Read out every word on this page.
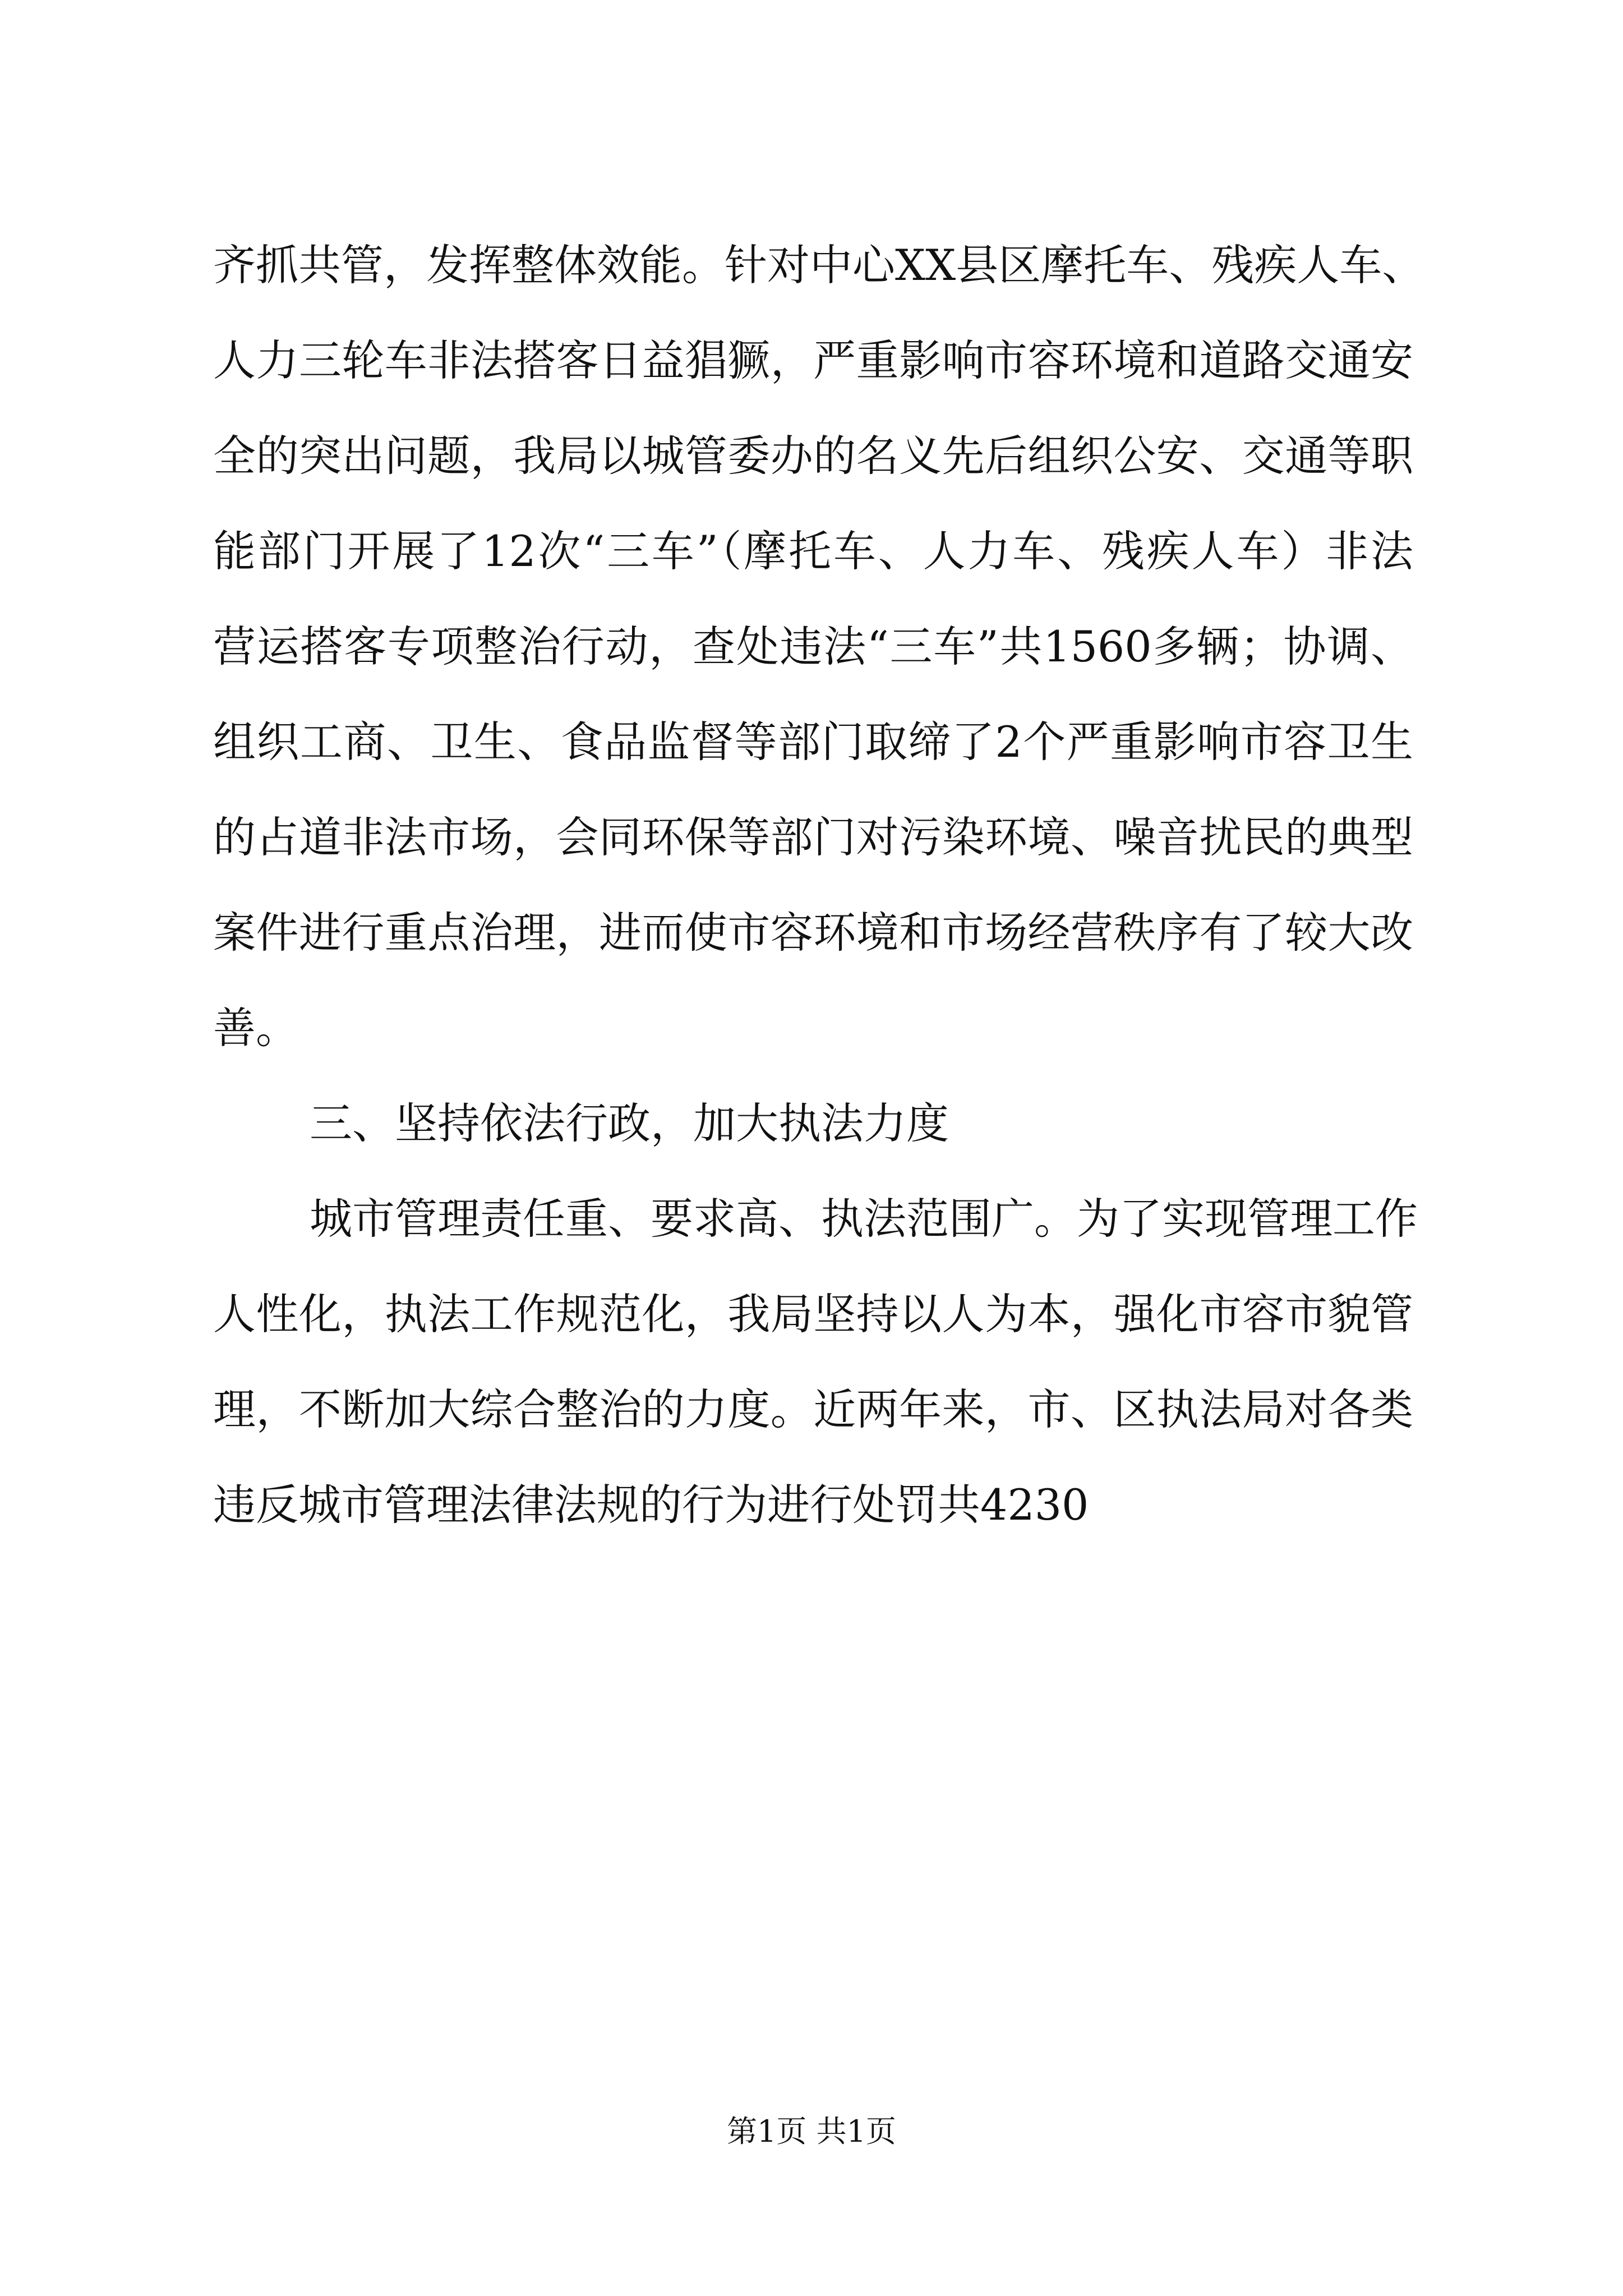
齐抓共管，发挥整体效能。针对中心XX县区摩托车、残疾人车、
人力三轮车非法搭客日益猖獗，严重影响市容环境和道路交通安
全的突出问题，我局以城管委办的名义先后组织公安、交通等职
能部门开展了12次“三车”（摩托车、人力车、残疾人车）非法
营运搭客专项整治行动，查处违法“三车”共1560多辆；协调、
组织工商、卫生、食品监督等部门取缔了2个严重影响市容卫生
的占道非法市场，会同环保等部门对污染环境、噪音扰民的典型
案件进行重点治理，进而使市容环境和市场经营秩序有了较大改
善。
三、坚持依法行政，加大执法力度
城市管理责任重、要求高、执法范围广。为了实现管理工作
人性化，执法工作规范化，我局坚持以人为本，强化市容市貌管
理，不断加大综合整治的力度。近两年来，市、区执法局对各类
违反城市管理法律法规的行为进行处罚共4230
第1页 共1页
